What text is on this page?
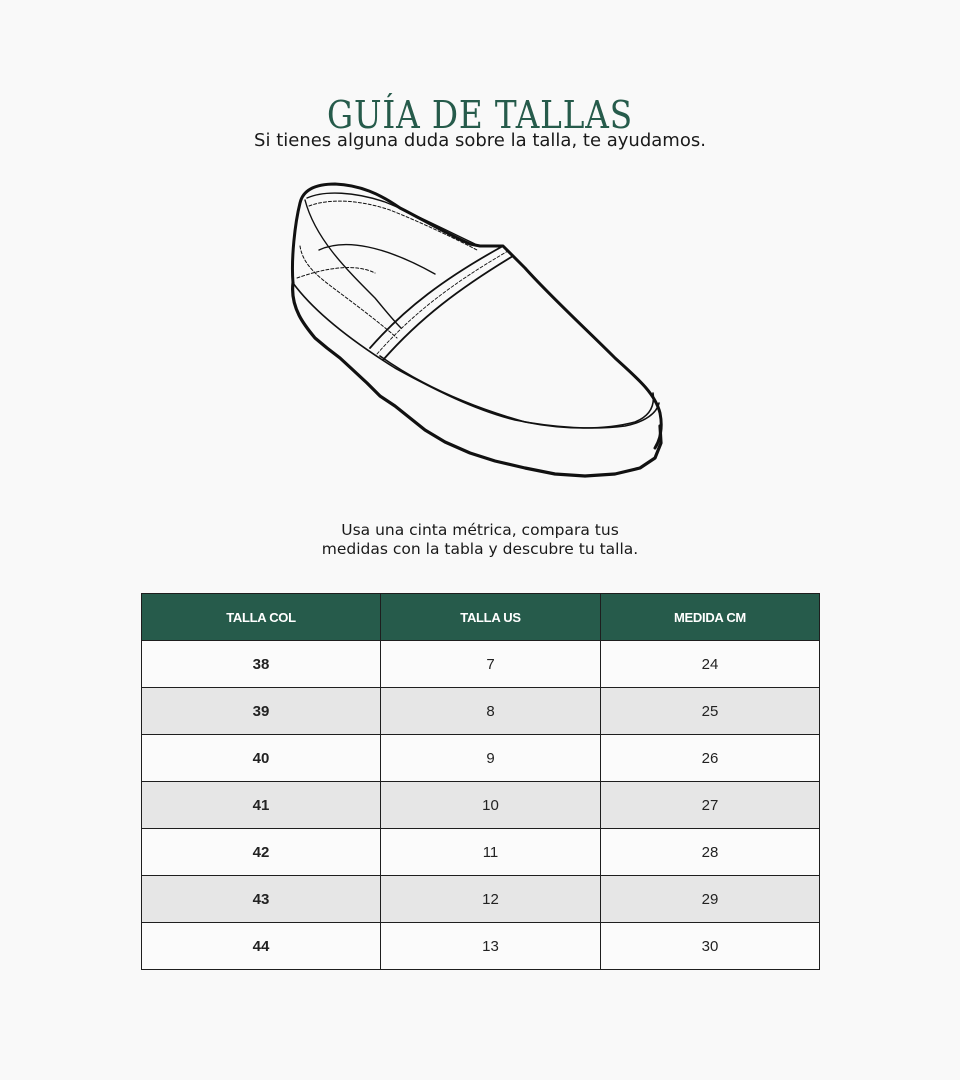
GUÍA DE TALLAS
Si tienes alguna duda sobre la talla, te ayudamos.
Usa una cinta métrica, compara tus
medidas con la tabla y descubre tu talla.
TALLA COL	TALLA US	MEDIDA CM
38	7	24
39	8	25
40	9	26
41	10	27
42	11	28
43	12	29
44	13	30
